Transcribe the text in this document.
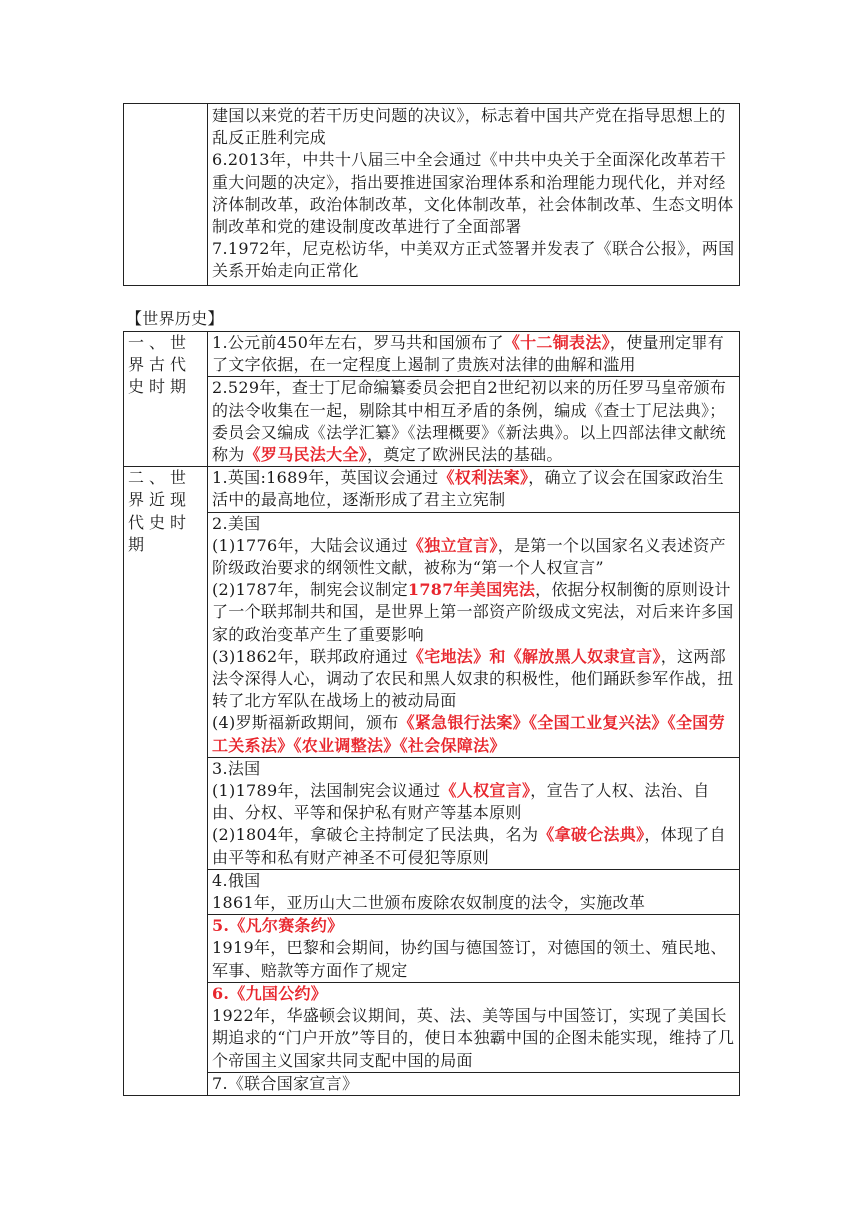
	建国以来党的若干历史问题的决议》，标志着中国共产党在指导思想上的乱反正胜利完成
6.2013年，中共十八届三中全会通过《中共中央关于全面深化改革若干重大问题的决定》，指出要推进国家治理体系和治理能力现代化，并对经济体制改革，政治体制改革，文化体制改革，社会体制改革、生态文明体制改革和党的建设制度改革进行了全面部署
7.1972年，尼克松访华，中美双方正式签署并发表了《联合公报》，两国关系开始走向正常化
【世界历史】
一、世界古代史时期	1.公元前450年左右，罗马共和国颁布了《十二铜表法》，使量刑定罪有了文字依据，在一定程度上遏制了贵族对法律的曲解和滥用
	2.529年，查士丁尼命编纂委员会把自2世纪初以来的历任罗马皇帝颁布的法令收集在一起，剔除其中相互矛盾的条例，编成《查士丁尼法典》；委员会又编成《法学汇纂》《法理概要》《新法典》。以上四部法律文献统称为《罗马民法大全》，奠定了欧洲民法的基础。
二、世界近现代史时期	1.英国:1689年，英国议会通过《权利法案》，确立了议会在国家政治生活中的最高地位，逐渐形成了君主立宪制

	2.美国
(1)1776年，大陆会议通过《独立宣言》，是第一个以国家名义表述资产阶级政治要求的纲领性文献，被称为“第一个人权宣言”
(2)1787年，制宪会议制定1787年美国宪法，依据分权制衡的原则设计了一个联邦制共和国，是世界上第一部资产阶级成文宪法，对后来许多国家的政治变革产生了重要影响
(3)1862年，联邦政府通过《宅地法》和《解放黑人奴隶宣言》，这两部法令深得人心，调动了农民和黑人奴隶的积极性，他们踊跃参军作战，扭转了北方军队在战场上的被动局面
(4)罗斯福新政期间，颁布《紧急银行法案》《全国工业复兴法》《全国劳工关系法》《农业调整法》《社会保障法》

	3.法国
(1)1789年，法国制宪会议通过《人权宣言》，宣告了人权、法治、自由、分权、平等和保护私有财产等基本原则
(2)1804年，拿破仑主持制定了民法典，名为《拿破仑法典》，体现了自由平等和私有财产神圣不可侵犯等原则

	4.俄国
1861年，亚历山大二世颁布废除农奴制度的法令，实施改革

	5.《凡尔赛条约》
1919年，巴黎和会期间，协约国与德国签订，对德国的领土、殖民地、军事、赔款等方面作了规定

	6.《九国公约》
1922年，华盛顿会议期间，英、法、美等国与中国签订，实现了美国长期追求的“门户开放”等目的，使日本独霸中国的企图未能实现，维持了几个帝国主义国家共同支配中国的局面

	7.《联合国家宣言》
